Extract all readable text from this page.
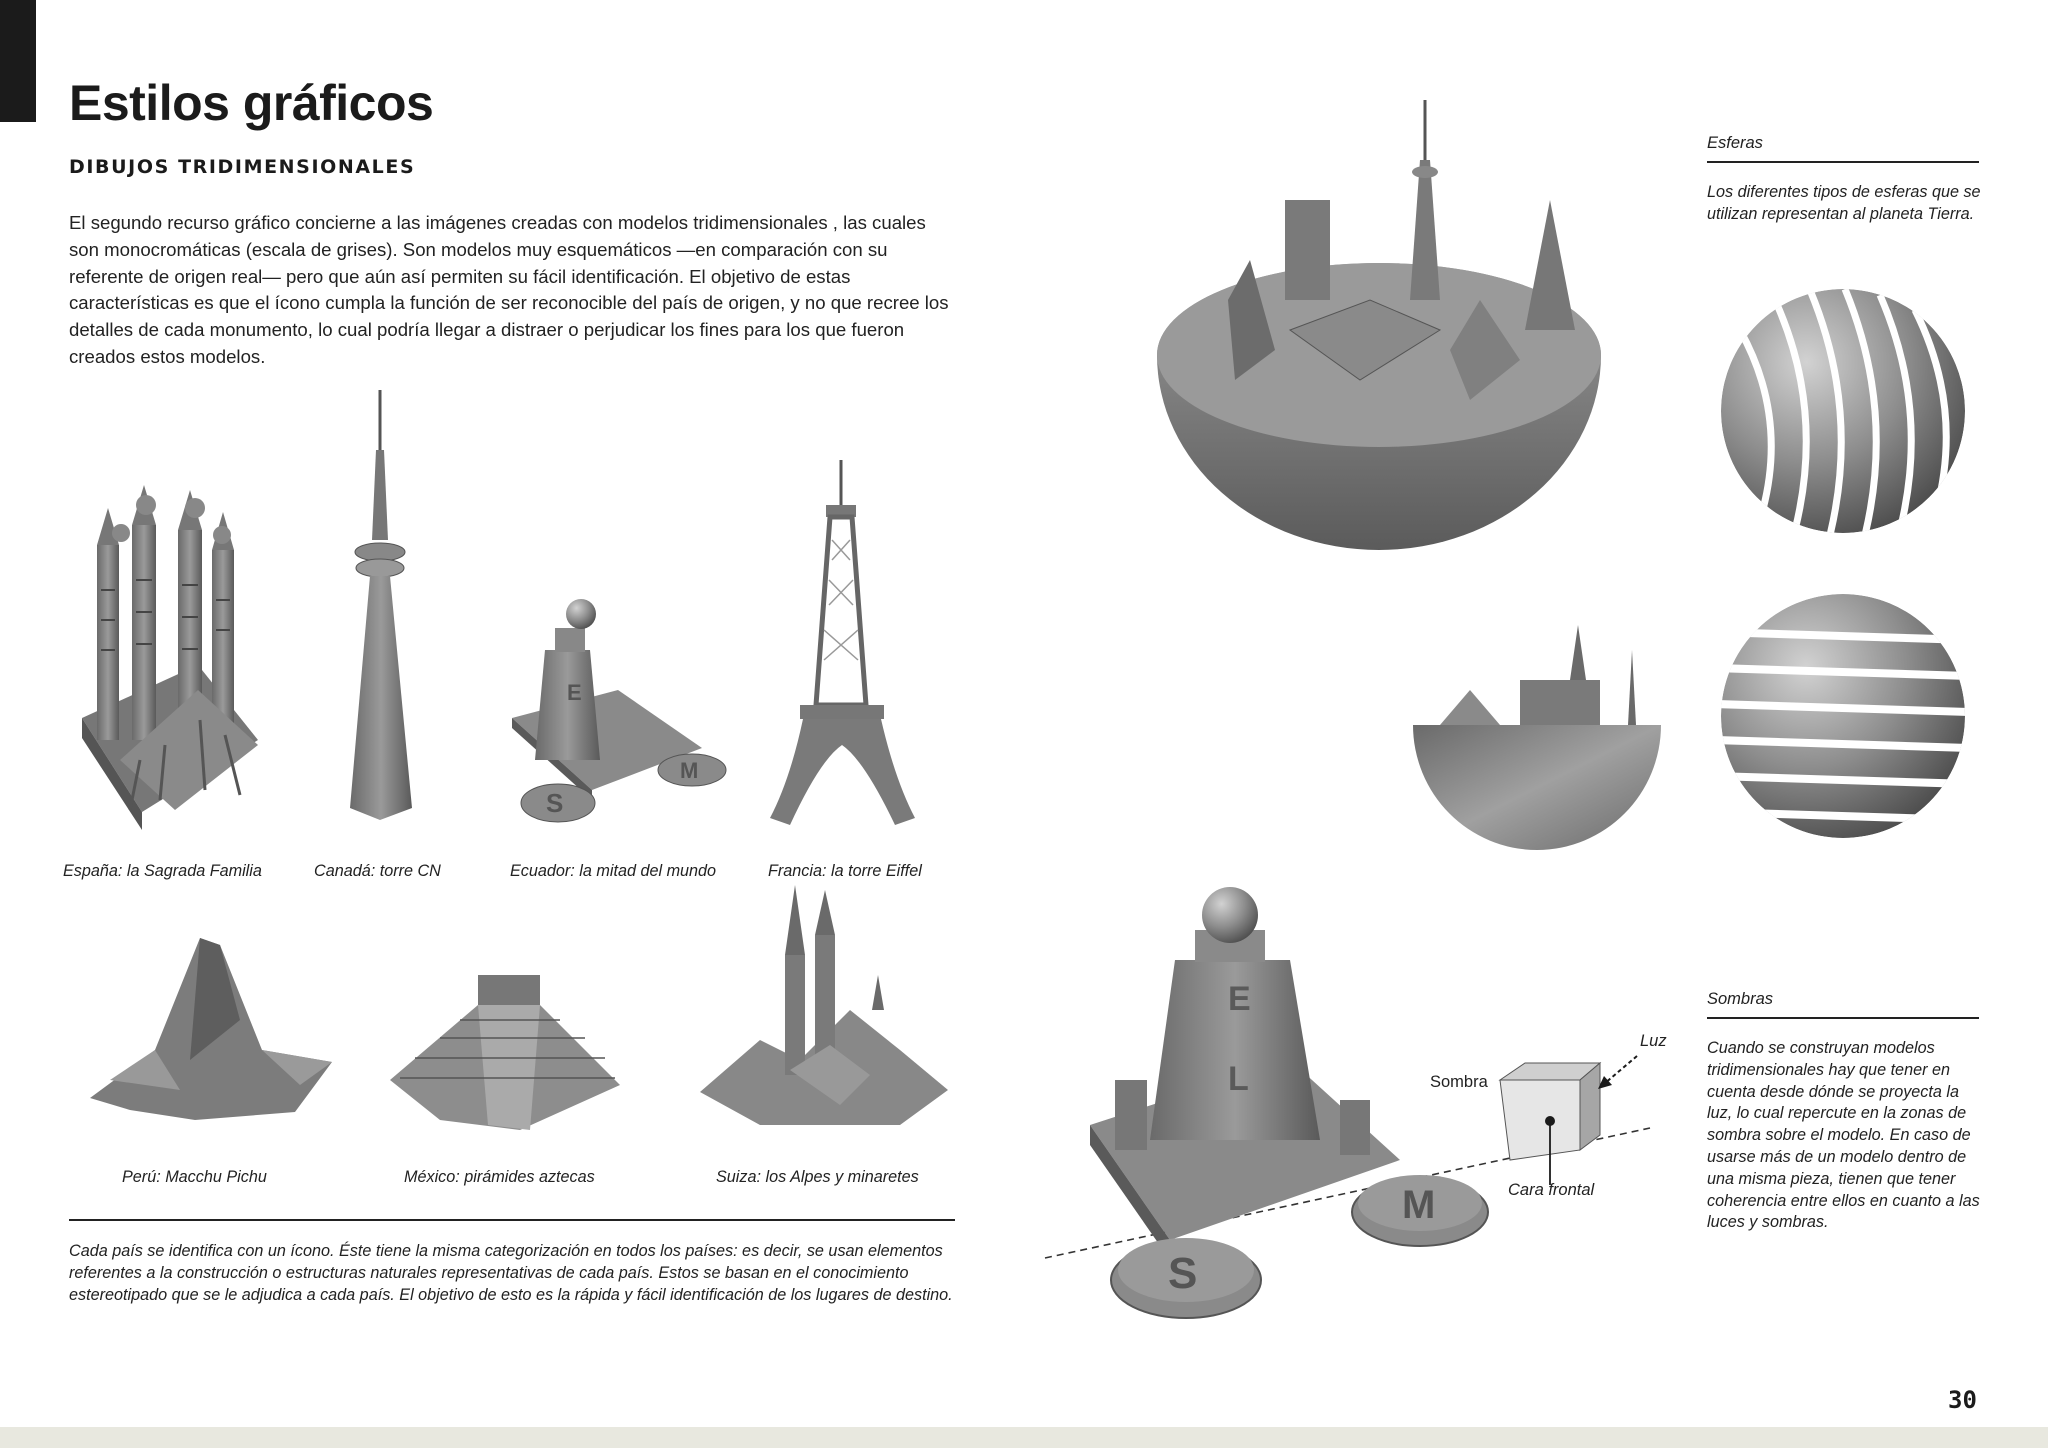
Estilos gráficos
DIBUJOS TRIDIMENSIONALES

El segundo recurso gráfico concierne a las imágenes creadas con modelos tridimensionales , las cuales son monocromáticas (escala de grises). Son modelos muy esquemáticos —en comparación con su referente de origen real— pero que aún así permiten su fácil identificación. El objetivo de estas características es que el ícono cumpla la función de ser reconocible del país de origen, y no que recree los detalles de cada monumento, lo cual podría llegar a distraer o perjudicar los fines para los que fueron creados estos modelos.

E
S
M
E
L
M
S
España: la Sagrada Familia	Canadá: torre CN	Ecuador: la mitad del mundo	Francia: la torre Eiffel
Perú: Macchu Pichu	México: pirámides aztecas	Suiza: los Alpes y minaretes

Cada país se identifica con un ícono. Éste tiene la misma categorización en todos los países: es decir, se usan elementos referentes a la construcción o estructuras naturales representativas de cada país. Estos se basan en el conocimiento estereotipado que se le adjudica a cada país. El objetivo de esto es la rápida y fácil identificación de los lugares de destino.

Esferas

Los diferentes tipos de esferas que se utilizan representan al planeta Tierra.

Sombras

Cuando se construyan modelos tridimensionales hay que tener en cuenta desde dónde se proyecta la luz, lo cual repercute en la zonas de sombra sobre el modelo. En caso de usarse más de un modelo dentro de una misma pieza, tienen que tener coherencia entre ellos en cuanto a las luces y sombras.

Luz
Sombra
Cara frontal
30
